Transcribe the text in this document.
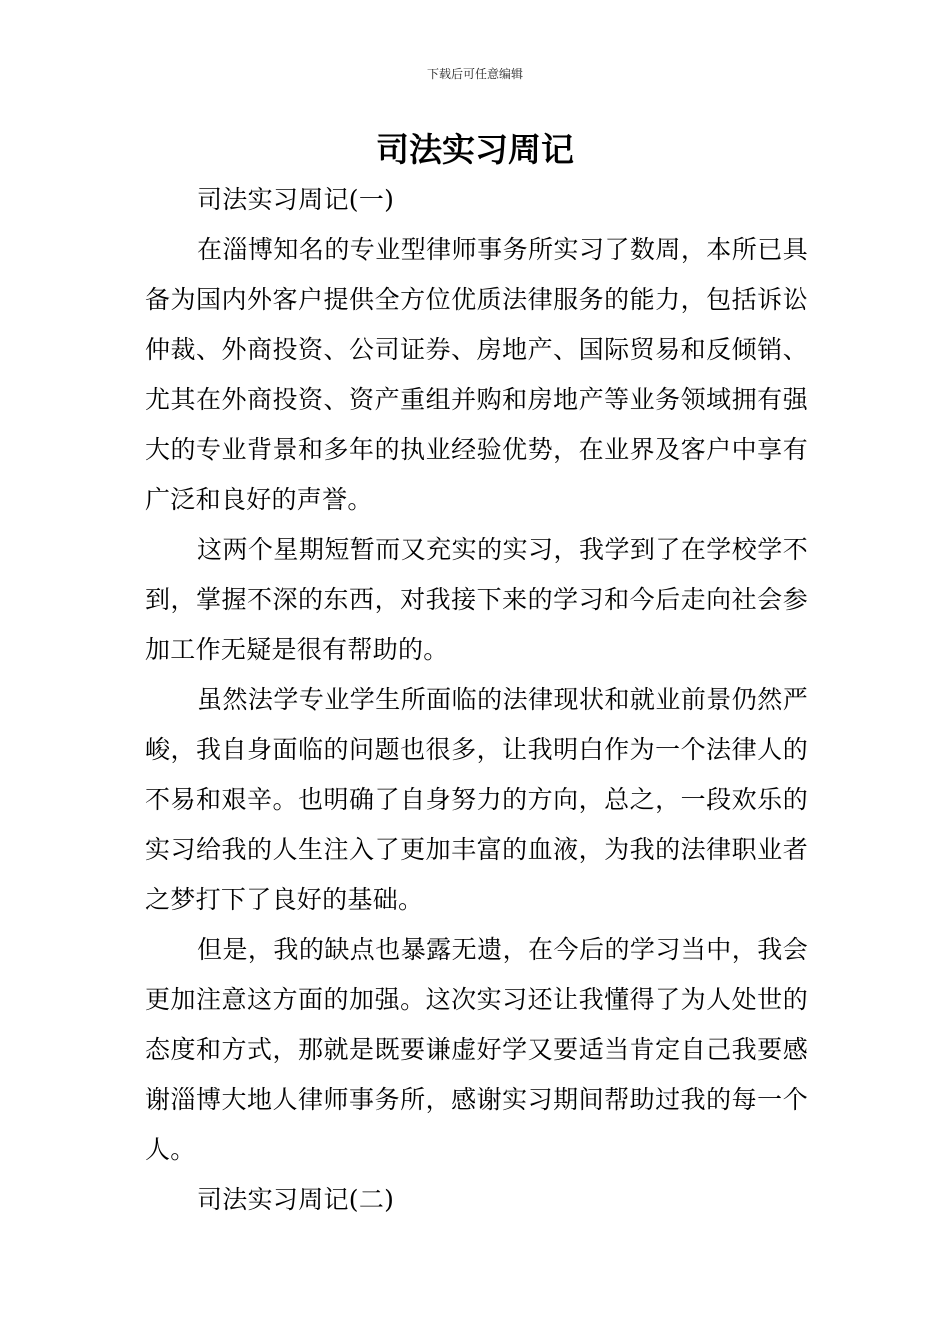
下载后可任意编辑
司法实习周记

司法实习周记(一)

在淄博知名的专业型律师事务所实习了数周，本所已具备为国内外客户提供全方位优质法律服务的能力，包括诉讼仲裁、外商投资、公司证券、房地产、国际贸易和反倾销、尤其在外商投资、资产重组并购和房地产等业务领域拥有强大的专业背景和多年的执业经验优势，在业界及客户中享有广泛和良好的声誉。

这两个星期短暂而又充实的实习，我学到了在学校学不到，掌握不深的东西，对我接下来的学习和今后走向社会参加工作无疑是很有帮助的。

虽然法学专业学生所面临的法律现状和就业前景仍然严峻，我自身面临的问题也很多，让我明白作为一个法律人的不易和艰辛。也明确了自身努力的方向，总之，一段欢乐的实习给我的人生注入了更加丰富的血液，为我的法律职业者之梦打下了良好的基础。

但是，我的缺点也暴露无遗，在今后的学习当中，我会更加注意这方面的加强。这次实习还让我懂得了为人处世的态度和方式，那就是既要谦虚好学又要适当肯定自己我要感谢淄博大地人律师事务所，感谢实习期间帮助过我的每一个人。

司法实习周记(二)
